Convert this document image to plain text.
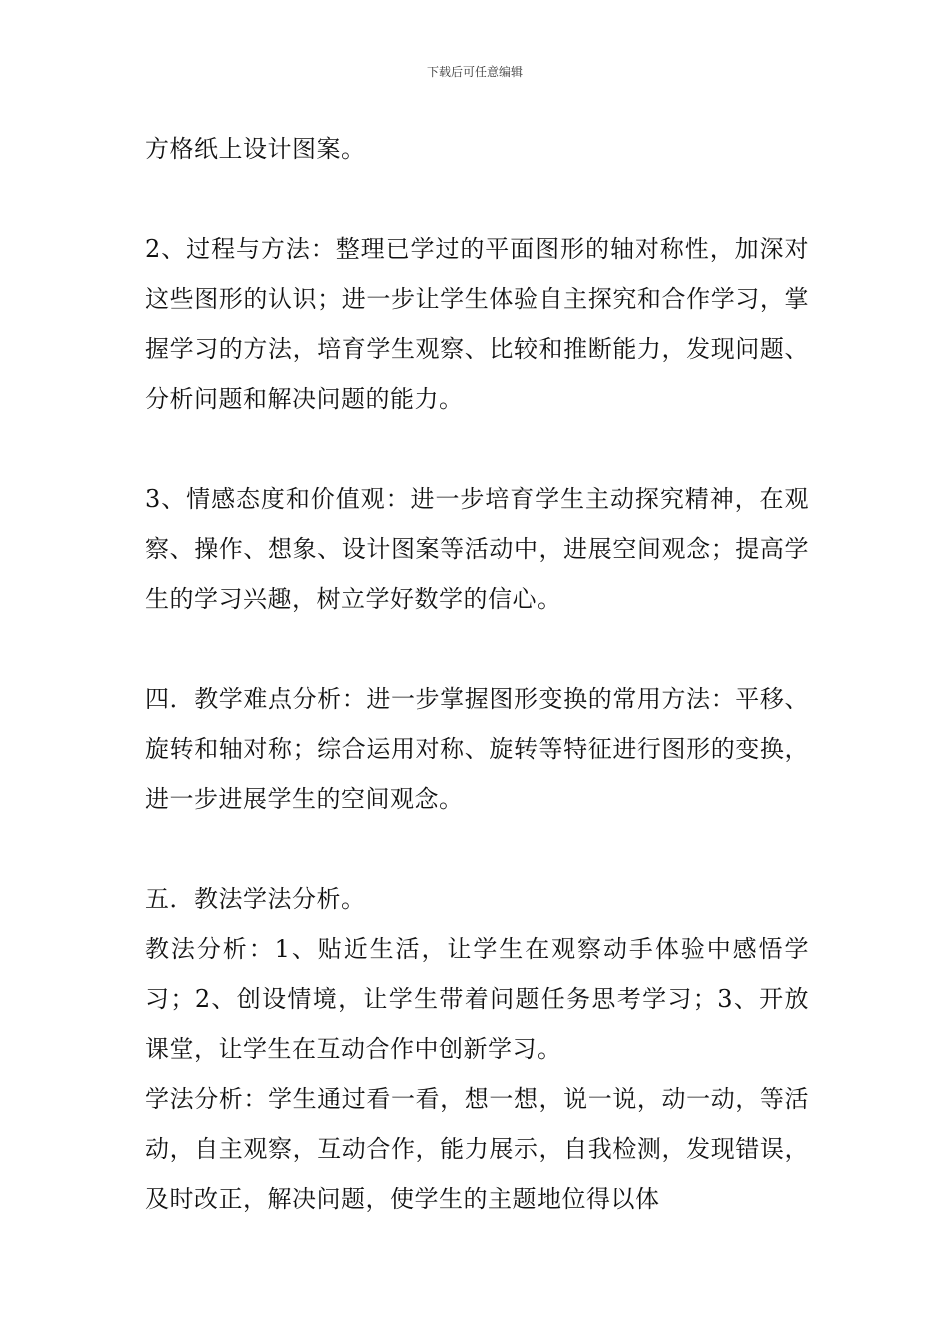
下载后可任意编辑

方格纸上设计图案。

2、过程与方法：整理已学过的平面图形的轴对称性，加深对这些图形的认识；进一步让学生体验自主探究和合作学习，掌握学习的方法，培育学生观察、比较和推断能力，发现问题、分析问题和解决问题的能力。

3、情感态度和价值观：进一步培育学生主动探究精神，在观察、操作、想象、设计图案等活动中，进展空间观念；提高学生的学习兴趣，树立学好数学的信心。

四．教学难点分析：进一步掌握图形变换的常用方法：平移、旋转和轴对称；综合运用对称、旋转等特征进行图形的变换，进一步进展学生的空间观念。

五．教法学法分析。

教法分析：1、贴近生活，让学生在观察动手体验中感悟学习；2、创设情境，让学生带着问题任务思考学习；3、开放课堂，让学生在互动合作中创新学习。

学法分析：学生通过看一看，想一想，说一说，动一动，等活动，自主观察，互动合作，能力展示，自我检测，发现错误，及时改正，解决问题，使学生的主题地位得以体
